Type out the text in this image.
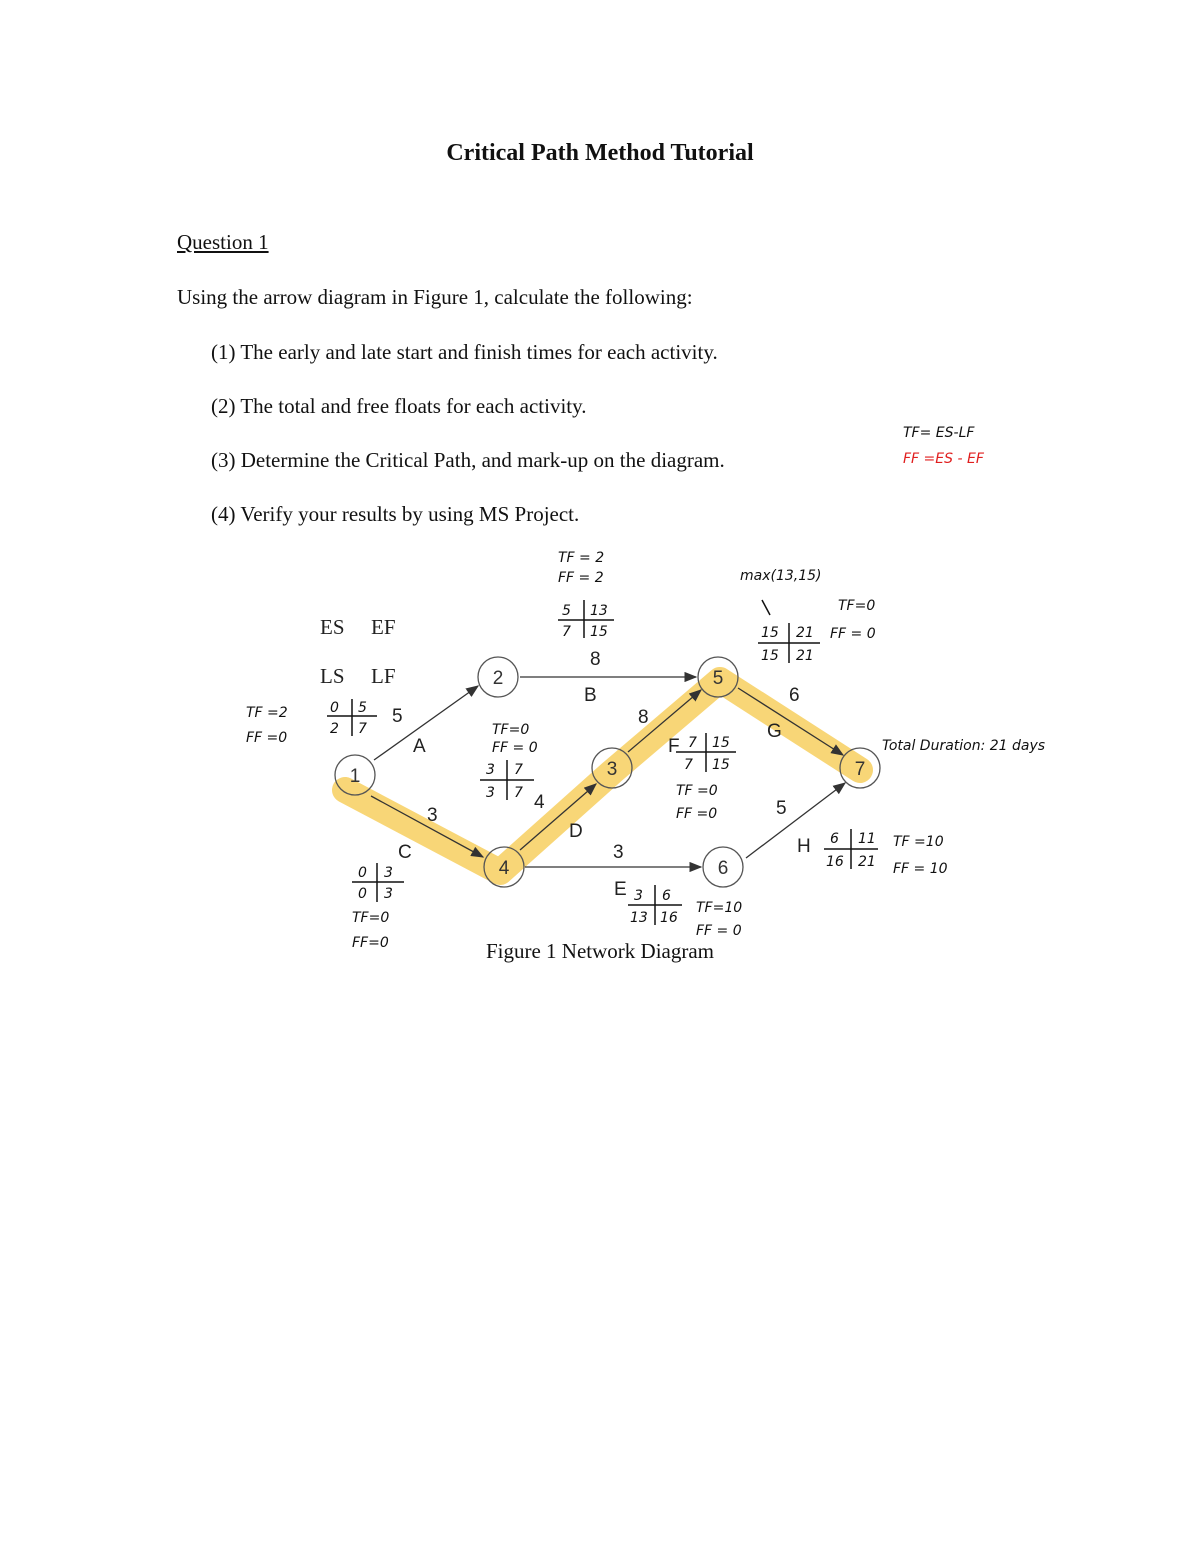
Critical Path Method Tutorial
Question 1
Using the arrow diagram in Figure 1, calculate the following:
(1) The early and late start and finish times for each activity.
(2) The total and free floats for each activity.
(3) Determine the Critical Path, and mark-up on the diagram.
(4) Verify your results by using MS Project.
1
2
3
4
5
6
7
A
5
B
8
C
3
D
4
E
3
F
8
G
6
H
5
ES EF
LS LF
TF= ES-LF
FF =ES - EF
0 5
2 7
TF =2
FF =0
5 13
7 15
TF = 2
FF = 2
0 3
0 3
TF=0
FF=0
3 7
3 7
TF=0
FF = 0
3 6
13 16
TF=10
FF = 0
7 15
7 15
TF =0
FF =0
15 21
15 21
TF=0
FF = 0
max(13,15)
6 11
16 21
TF =10
FF = 10
Total Duration: 21 days
Figure 1 Network Diagram
